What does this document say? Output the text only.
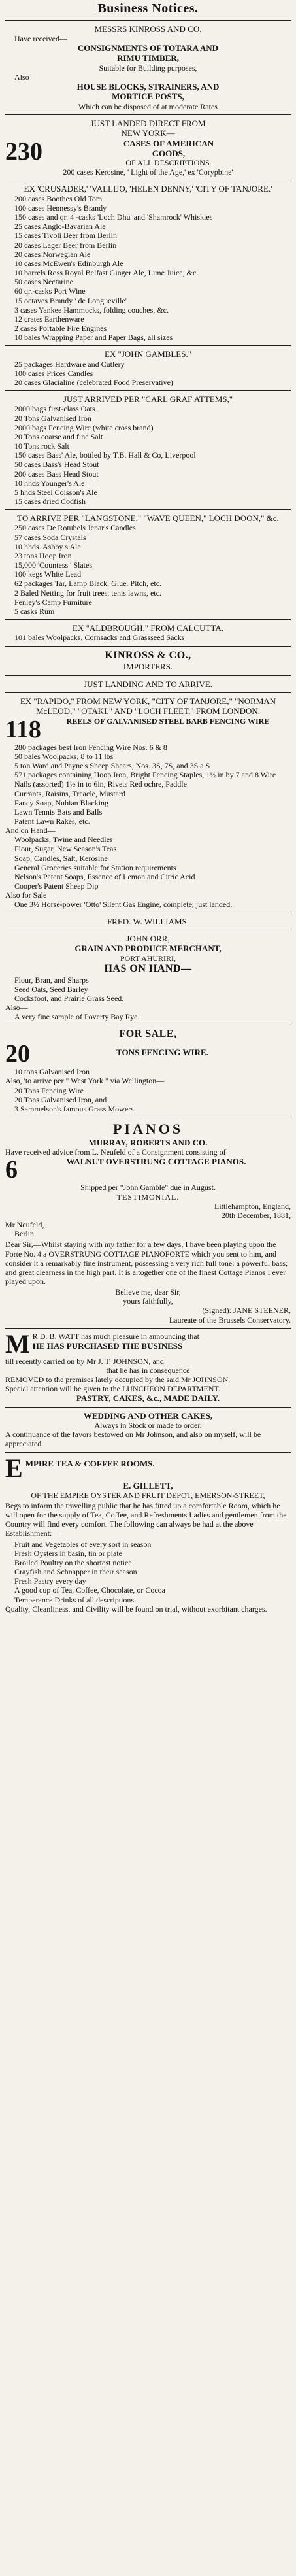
Business Notices.
MESSRS KINROSS AND CO.
Have received—
CONSIGNMENTS OF TOTARA AND
RIMU TIMBER,
Suitable for Building purposes,
Also—
HOUSE BLOCKS, STRAINERS, AND
MORTICE POSTS,
Which can be disposed of at moderate Rates
JUST LANDED DIRECT FROM
NEW YORK—
230	CASES OF AMERICAN
GOODS,
OF ALL DESCRIPTIONS.
200 cases Kerosine, ' Light of the Age,' ex 'Corypbine'
EX 'CRUSADER,' 'VALLIJO, 'HELEN DENNY,' 'CITY OF TANJORE.'
200 cases Boothes Old Tom
100 cases Hennessy's Brandy
150 cases and qr. 4 -casks 'Loch Dhu' and 'Shamrock' Whiskies
25 cases Anglo-Bavarian Ale
15 cases Tivoli Beer from Berlin
20 cases Lager Beer from Berlin
20 cases Norwegian Ale
10 cases McEwen's Edinburgh Ale
10 barrels Ross Royal Belfast Ginger Ale, Lime Juice, &c.
50 cases Nectarine
60 qr.-casks Port Wine
15 octaves Brandy ' de Longueville'
3 cases Yankee Hammocks, folding couches, &c.
12 crates Earthenware
2 cases Portable Fire Engines
10 bales Wrapping Paper and Paper Bags, all sizes
EX "JOHN GAMBLES."
25 packages Hardware and Cutlery
100 cases Prices Candles
20 cases Glacialine (celebrated Food Preservative)
JUST ARRIVED PER "CARL GRAF ATTEMS,"
2000 bags first-class Oats
20 Tons Galvanised Iron
2000 bags Fencing Wire (white cross brand)
20 Tons coarse and fine Salt
10 Tons rock Salt
150 cases Bass' Ale, bottled by T.B. Hall & Co, Liverpool
50 cases Bass's Head Stout
200 cases Bass Head Stout
10 hhds Younger's Ale
5 hhds Steel Coisson's Ale
15 cases dried Codfish
TO ARRIVE PER "LANGSTONE," "WAVE QUEEN," LOCH DOON," &c.
250 cases De Rotubels Jenar's Candles
57 cases Soda Crystals
10 hhds. Asbby s Ale
23 tons Hoop Iron
15,000 'Countess ' Slates
100 kegs White Lead
62 packages Tar, Lamp Black, Glue, Pitch, etc.
2 Baled Netting for fruit trees, tenis lawns, etc.
Fenley's Camp Furniture
5 casks Rum
EX "ALDBROUGH," FROM CALCUTTA.
101 bales Woolpacks, Cornsacks and Grassseed Sacks
KINROSS & CO.,
IMPORTERS.
JUST LANDING AND TO ARRIVE.
EX "RAPIDO," FROM NEW YORK, "CITY OF TANJORE," "NORMAN McLEOD," "OTAKI," AND "LOCH FLEET," FROM LONDON.
118	REELS OF GALVANISED STEEL BARB FENCING WIRE
280 packages best Iron Fencing Wire Nos. 6 & 8
50 bales Woolpacks, 8 to 11 lbs
5 ton Ward and Payne's Sheep Shears, Nos. 3S, 7S, and 3S a S
571 packages containing Hoop Iron, Bright Fencing Staples, 1½ in by 7 and 8 Wire Nails (assorted) 1½ in to 6in, Rivets Red ochre, Paddle
Currants, Raisins, Treacle, Mustard
Fancy Soap, Nubian Blacking
Lawn Tennis Bats and Balls
Patent Lawn Rakes, etc.
And on Hand—
Woolpacks, Twine and Needles
Flour, Sugar, New Season's Teas
Soap, Candles, Salt, Kerosine
General Groceries suitable for Station requirements
Nelson's Patent Soaps, Essence of Lemon and Citric Acid
Cooper's Patent Sheep Dip
Also for Sale—
One 3½ Horse-power 'Otto' Silent Gas Engine, complete, just landed.
FRED. W. WILLIAMS.
JOHN ORR,
GRAIN AND PRODUCE MERCHANT,
PORT AHURIRI,
HAS ON HAND—
Flour, Bran, and Sharps
Seed Oats, Seed Barley
Cocksfoot, and Prairie Grass Seed.
Also—
A very fine sample of Poverty Bay Rye.
FOR SALE,
20	TONS FENCING WIRE.
10 tons Galvanised Iron
Also, 'to arrive per " West York " via Wellington—
20 Tons Fencing Wire
20 Tons Galvanised Iron, and
3 Sammelson's famous Grass Mowers
PIANOS
MURRAY, ROBERTS AND CO.
Have received advice from L. Neufeld of a Consignment consisting of—
6	WALNUT OVERSTRUNG COTTAGE PIANOS.
Shipped per "John Gamble" due in August.
TESTIMONIAL.
Littlehampton, England,
20th December, 1881,
Mr Neufeld,
Berlin.

Dear Sir,—Whilst staying with my father for a few days, I have been playing upon the Forte No. 4 a OVERSTRUNG COTTAGE PIANOFORTE which you sent to him, and consider it a remarkably fine instrument, possessing a very rich full tone: a powerful bass; and great clearness in the high part. It is altogether one of the finest Cottage Pianos I ever played upon.

Believe me, dear Sir,
yours faithfully,
(Signed): JANE STEENER,
Laureate of the Brussels Conservatory.
M R D. B. WATT has much pleasure in announcing that
HE HAS PURCHASED THE BUSINESS
till recently carried on by Mr J. T. JOHNSON, and
that he has in consequence
REMOVED to the premises lately occupied by the said Mr JOHNSON.
Special attention will be given to the LUNCHEON DEPARTMENT.
PASTRY, CAKES, &c., MADE DAILY.
WEDDING AND OTHER CAKES,
Always in Stock or made to order.
A continuance of the favors bestowed on Mr Johnson, and also on myself, will be appreciated
E MPIRE TEA & COFFEE ROOMS.
E. GILLETT,
OF THE EMPIRE OYSTER AND FRUIT DEPOT, EMERSON-STREET,

Begs to inform the travelling public that he has fitted up a comfortable Room, which he will open for the supply of Tea, Coffee, and Refreshments Ladies and gentlemen from the Country will find every comfort. The following can always be had at the above Establishment:—

Fruit and Vegetables of every sort in season
Fresh Oysters in basin, tin or plate
Broiled Poultry on the shortest notice
Crayfish and Schnapper in their season
Fresh Pastry every day
A good cup of Tea, Coffee, Chocolate, or Cocoa
Temperance Drinks of all descriptions.
Quality, Cleanliness, and Civility will be found on trial, without exorbitant charges.
